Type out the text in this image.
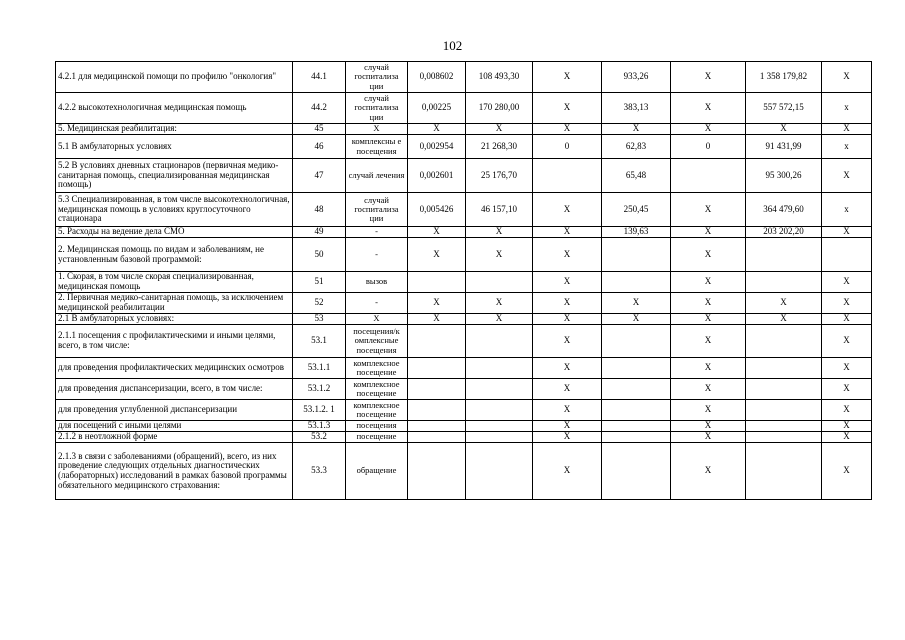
102
4.2.1 для медицинской помощи по профилю "онкология"	44.1	случай госпитализа ции	0,008602	108 493,30	X	933,26	X	1 358 179,82	X
4.2.2 высокотехнологичная медицинская помощь	44.2	случай госпитализа ции	0,00225	170 280,00	X	383,13	X	557 572,15	x
5. Медицинская реабилитация:	45	X	X	X	X	X	X	X	X
5.1 В амбулаторных условиях	46	комплексны е посещения	0,002954	21 268,30	0	62,83	0	91 431,99	x
5.2 В условиях дневных стационаров (первичная медико-санитарная помощь, специализированная медицинская помощь)	47	случай лечения	0,002601	25 176,70		65,48		95 300,26	X
5.3 Специализированная, в том числе высокотехнологичная, медицинская помощь в условиях круглосуточного стационара	48	случай госпитализа ции	0,005426	46 157,10	X	250,45	X	364 479,60	x
5. Расходы на ведение дела СМО	49	-	X	X	X	139,63	X	203 202,20	X
2. Медицинская помощь по видам и заболеваниям, не установленным базовой программой:	50	-	X	X	X		X		
1. Скорая, в том числе скорая специализированная, медицинская помощь	51	вызов			X		X		X
2. Первичная медико-санитарная помощь, за исключением медицинской реабилитации	52	-	X	X	X	X	X	X	X
2.1 В амбулаторных условиях:	53	X	X	X	X	X	X	X	X
2.1.1 посещения с профилактическими и иными целями, всего, в том числе:	53.1	посещения/к омплексные посещения			X		X		X
для проведения профилактических медицинских осмотров	53.1.1	комплексное посещение			X		X		X
для проведения диспансеризации, всего, в том числе:	53.1.2	комплексное посещение			X		X		X
для проведения углубленной диспансеризации	53.1.2. 1	комплексное посещение			X		X		X
для посещений с иными целями	53.1.3	посещения			X		X		X
2.1.2 в неотложной форме	53.2	посещение			X		X		X
2.1.3 в связи с заболеваниями (обращений), всего, из них проведение следующих отдельных диагностических (лабораторных) исследований в рамках базовой программы обязательного медицинского страхования:	53.3	обращение			X		X		X
